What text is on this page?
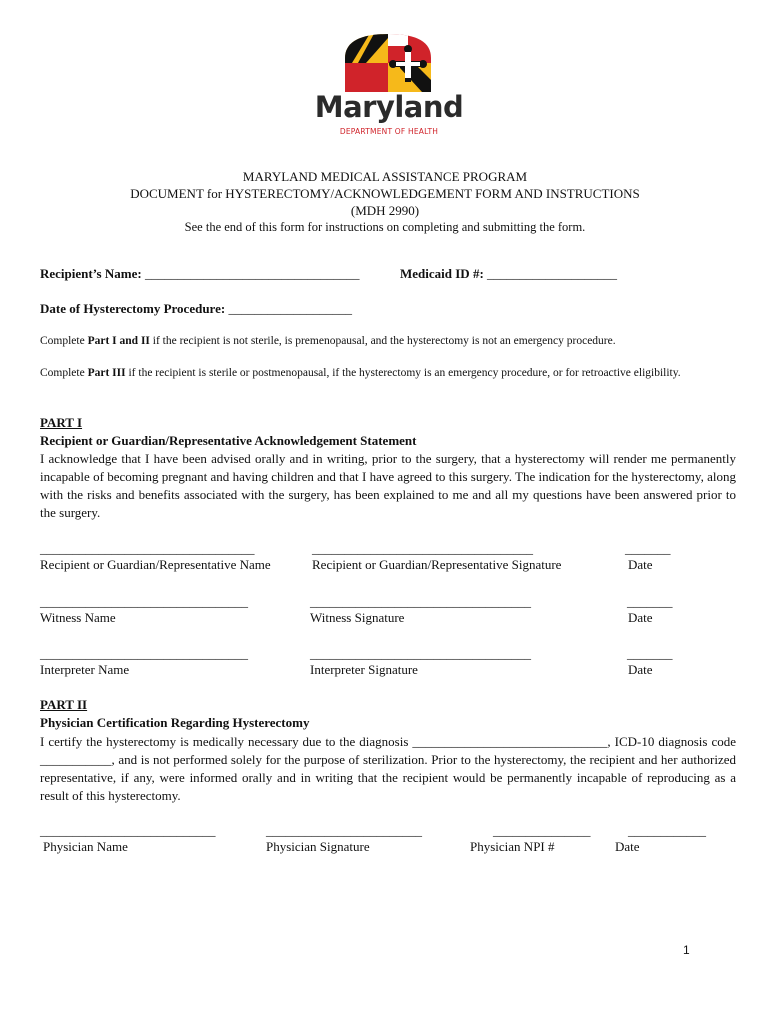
Maryland
DEPARTMENT OF HEALTH
MARYLAND MEDICAL ASSISTANCE PROGRAM
DOCUMENT for HYSTERECTOMY/ACKNOWLEDGEMENT FORM AND INSTRUCTIONS
(MDH 2990)
See the end of this form for instructions on completing and submitting the form.
Recipient’s Name: _________________________________	Medicaid ID #: ____________________
Date of Hysterectomy Procedure: ___________________
Complete Part I and II if the recipient is not sterile, is premenopausal, and the hysterectomy is not an emergency procedure.
Complete Part III if the recipient is sterile or postmenopausal, if the hysterectomy is an emergency procedure, or for retroactive eligibility.
PART I
Recipient or Guardian/Representative Acknowledgement Statement
I acknowledge that I have been advised orally and in writing, prior to the surgery, that a hysterectomy will render me permanently incapable of becoming pregnant and having children and that I have agreed to this surgery. The indication for the hysterectomy, along with the risks and benefits associated with the surgery, has been explained to me and all my questions have been answered prior to the surgery.
_________________________________
Recipient or Guardian/Representative Name
__________________________________
Recipient or Guardian/Representative Signature
_______
Date
________________________________
Witness Name
__________________________________
Witness Signature
_______
Date
________________________________
Interpreter Name
__________________________________
Interpreter Signature
_______
Date
PART II
Physician Certification Regarding Hysterectomy
I certify the hysterectomy is medically necessary due to the diagnosis ______________________________, ICD-10 diagnosis code ___________, and is not performed solely for the purpose of sterilization. Prior to the hysterectomy, the recipient and her authorized representative, if any, were informed orally and in writing that the recipient would be permanently incapable of reproducing as a result of this hysterectomy.
___________________________
Physician Name
________________________
Physician Signature
_______________
Physician NPI #
____________
Date
1
